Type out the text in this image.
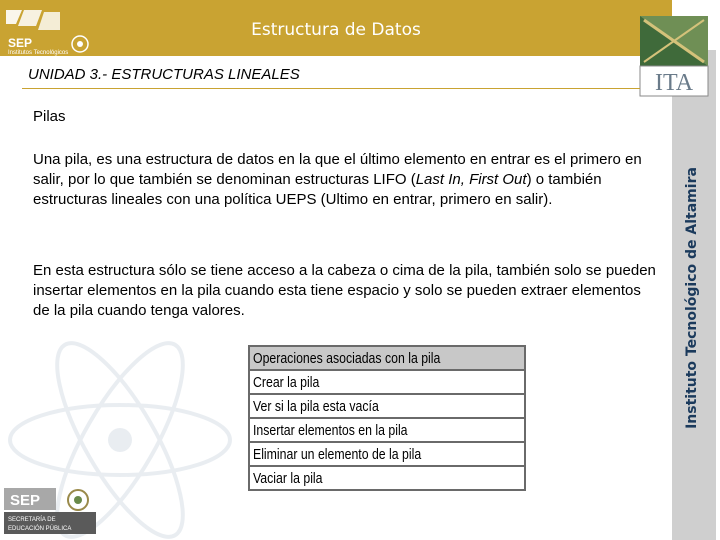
SEP
Institutos Tecnológicos
Estructura de Datos
Instituto Tecnológico de Altamira
ITA
UNIDAD 3.- ESTRUCTURAS LINEALES
Pilas

Una pila, es una estructura de datos en la que el último elemento en entrar es el primero en salir, por lo que también se denominan estructuras LIFO (Last In, First Out) o también estructuras lineales con una política UEPS (Ultimo en entrar, primero en salir).

En esta estructura sólo se tiene acceso a la cabeza o cima de la pila, también solo se pueden insertar elementos en la pila cuando esta tiene espacio y solo se pueden extraer elementos de la pila cuando tenga valores.

Operaciones asociadas con la pila
Crear la pila
Ver si la pila esta vacía
Insertar elementos en la pila
Eliminar un elemento de la pila
Vaciar la pila
SEP
SECRETARÍA DE
EDUCACIÓN PÚBLICA
